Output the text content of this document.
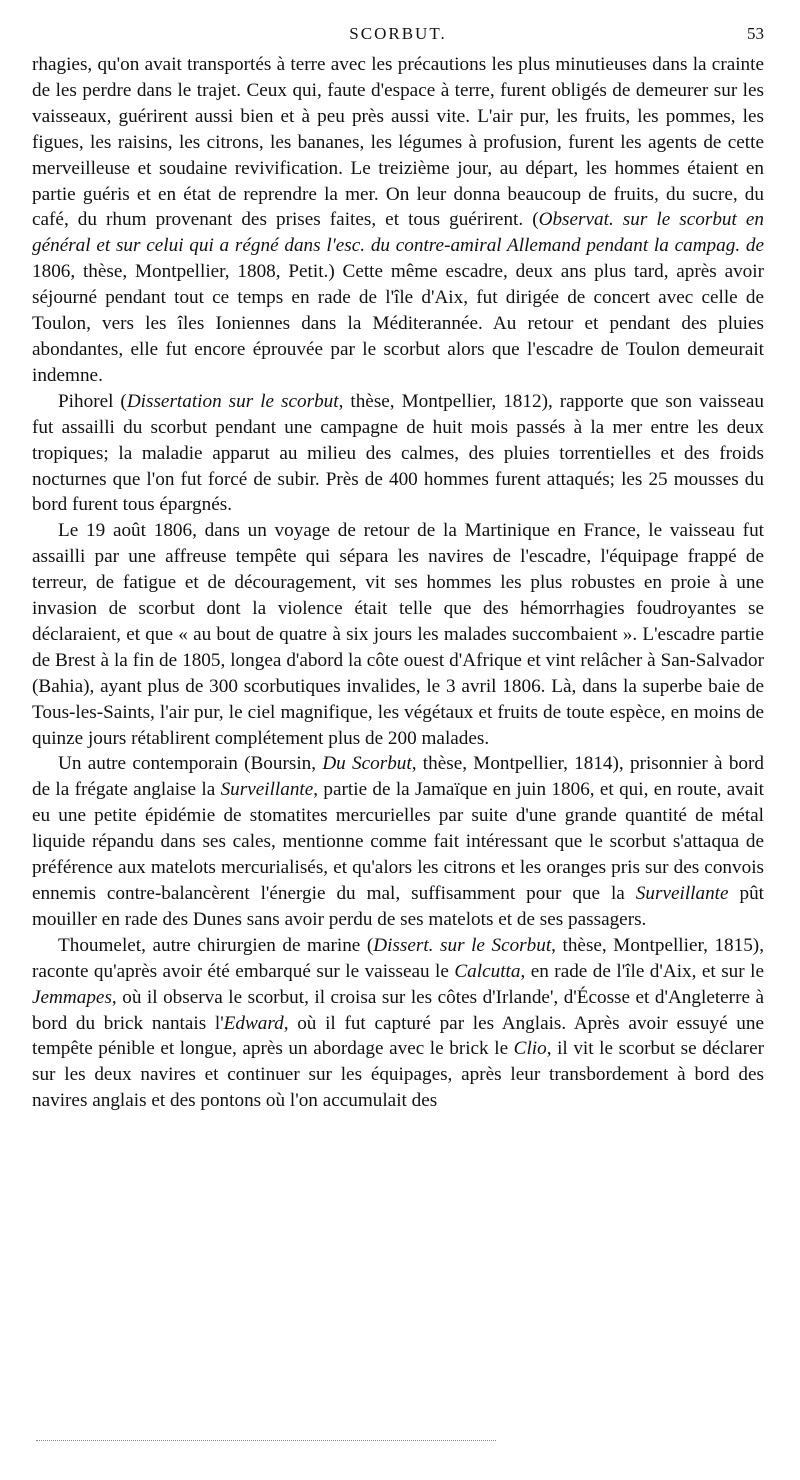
SCORBUT.	53

rhagies, qu'on avait transportés à terre avec les précautions les plus minutieuses dans la crainte de les perdre dans le trajet. Ceux qui, faute d'espace à terre, furent obligés de demeurer sur les vaisseaux, guérirent aussi bien et à peu près aussi vite. L'air pur, les fruits, les pommes, les figues, les raisins, les citrons, les bananes, les légumes à profusion, furent les agents de cette merveilleuse et soudaine revivification. Le treizième jour, au départ, les hommes étaient en partie guéris et en état de reprendre la mer. On leur donna beaucoup de fruits, du sucre, du café, du rhum provenant des prises faites, et tous guérirent. (Observat. sur le scorbut en général et sur celui qui a régné dans l'esc. du contre-amiral Allemand pendant la campag. de 1806, thèse, Montpellier, 1808, Petit.) Cette même escadre, deux ans plus tard, après avoir séjourné pendant tout ce temps en rade de l'île d'Aix, fut dirigée de concert avec celle de Toulon, vers les îles Ioniennes dans la Méditerannée. Au retour et pendant des pluies abondantes, elle fut encore éprouvée par le scorbut alors que l'escadre de Toulon demeurait indemne.

Pihorel (Dissertation sur le scorbut, thèse, Montpellier, 1812), rapporte que son vaisseau fut assailli du scorbut pendant une campagne de huit mois passés à la mer entre les deux tropiques; la maladie apparut au milieu des calmes, des pluies torrentielles et des froids nocturnes que l'on fut forcé de subir. Près de 400 hommes furent attaqués; les 25 mousses du bord furent tous épargnés.

Le 19 août 1806, dans un voyage de retour de la Martinique en France, le vaisseau fut assailli par une affreuse tempête qui sépara les navires de l'escadre, l'équipage frappé de terreur, de fatigue et de découragement, vit ses hommes les plus robustes en proie à une invasion de scorbut dont la violence était telle que des hémorrhagies foudroyantes se déclaraient, et que « au bout de quatre à six jours les malades succombaient ». L'escadre partie de Brest à la fin de 1805, longea d'abord la côte ouest d'Afrique et vint relâcher à San-Salvador (Bahia), ayant plus de 300 scorbutiques invalides, le 3 avril 1806. Là, dans la superbe baie de Tous-les-Saints, l'air pur, le ciel magnifique, les végétaux et fruits de toute espèce, en moins de quinze jours rétablirent complétement plus de 200 malades.

Un autre contemporain (Boursin, Du Scorbut, thèse, Montpellier, 1814), prisonnier à bord de la frégate anglaise la Surveillante, partie de la Jamaïque en juin 1806, et qui, en route, avait eu une petite épidémie de stomatites mercurielles par suite d'une grande quantité de métal liquide répandu dans ses cales, mentionne comme fait intéressant que le scorbut s'attaqua de préférence aux matelots mercurialisés, et qu'alors les citrons et les oranges pris sur des convois ennemis contre-balancèrent l'énergie du mal, suffisamment pour que la Surveillante pût mouiller en rade des Dunes sans avoir perdu de ses matelots et de ses passagers.

Thoumelet, autre chirurgien de marine (Dissert. sur le Scorbut, thèse, Montpellier, 1815), raconte qu'après avoir été embarqué sur le vaisseau le Calcutta, en rade de l'île d'Aix, et sur le Jemmapes, où il observa le scorbut, il croisa sur les côtes d'Irlande', d'Écosse et d'Angleterre à bord du brick nantais l'Edward, où il fut capturé par les Anglais. Après avoir essuyé une tempête pénible et longue, après un abordage avec le brick le Clio, il vit le scorbut se déclarer sur les deux navires et continuer sur les équipages, après leur transbordement à bord des navires anglais et des pontons où l'on accumulait des
